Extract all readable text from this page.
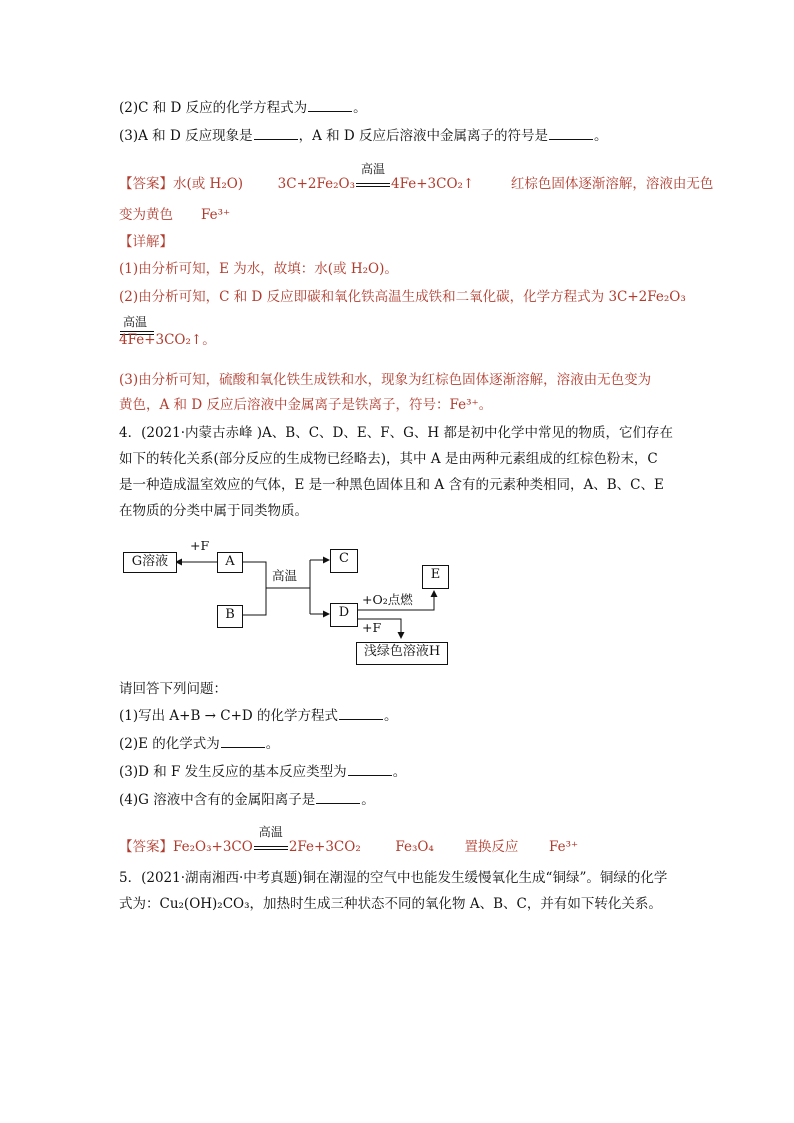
(2)C 和 D 反应的化学方程式为	。
(3)A 和 D 反应现象是	，A 和 D 反应后溶液中金属离子的符号是	。
【答案】水(或 H₂O)	3C+2Fe₂O₃
高温
4Fe+3CO₂↑	红棕色固体逐渐溶解，溶液由无色
变为黄色 Fe³⁺
【详解】
(1)由分析可知，E 为水，故填：水(或 H₂O)。
(2)由分析可知，C 和 D 反应即碳和氧化铁高温生成铁和二氧化碳，化学方程式为 3C+2Fe₂O₃
高温
4Fe+3CO₂↑。
(3)由分析可知，硫酸和氧化铁生成铁和水，现象为红棕色固体逐渐溶解，溶液由无色变为
黄色，A 和 D 反应后溶液中金属离子是铁离子，符号：Fe³⁺。
4．(2021·内蒙古赤峰 )A、B、C、D、E、F、G、H 都是初中化学中常见的物质，它们存在
如下的转化关系(部分反应的生成物已经略去)，其中 A 是由两种元素组成的红棕色粉末，C
是一种造成温室效应的气体，E 是一种黑色固体且和 A 含有的元素种类相同，A、B、C、E
在物质的分类中属于同类物质。
G溶液	A
B
C
D
E
浅绿色溶液H
+F
高温
+O₂点燃
+F
请回答下列问题：
(1)写出 A+B → C+D 的化学方程式	。
(2)E 的化学式为	。
(3)D 和 F 发生反应的基本反应类型为	。
(4)G 溶液中含有的金属阳离子是	。
【答案】Fe₂O₃+3CO
高温
2Fe+3CO₂	Fe₃O₄ 置换反应 Fe³⁺
5．(2021·湖南湘西·中考真题)铜在潮湿的空气中也能发生缓慢氧化生成“铜绿”。铜绿的化学
式为：Cu₂(OH)₂CO₃，加热时生成三种状态不同的氧化物 A、B、C，并有如下转化关系。
